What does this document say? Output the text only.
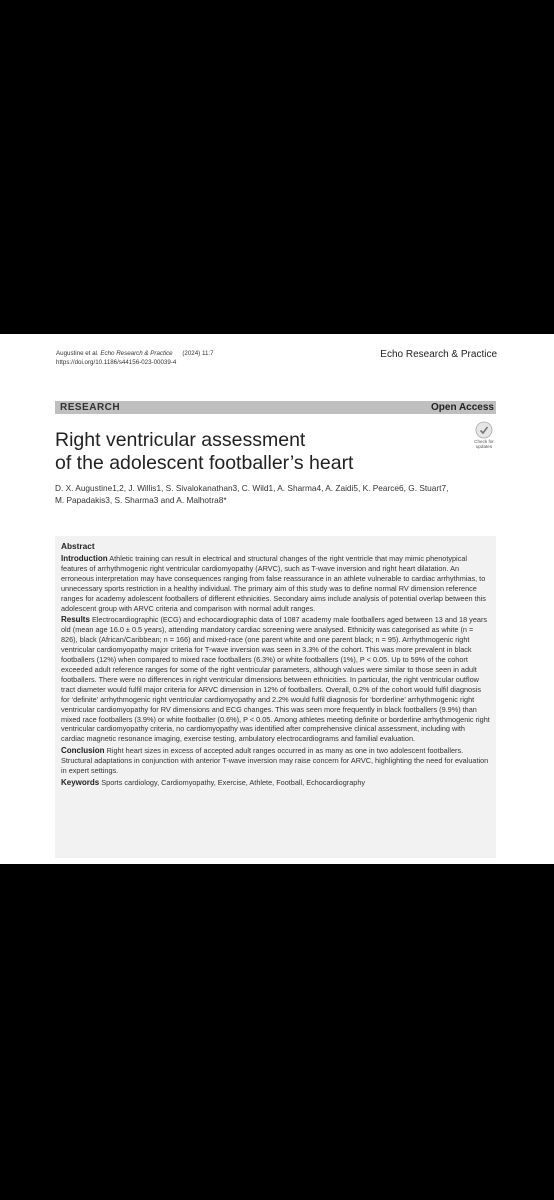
Augustine et al. Echo Research & Practice (2024) 11:7
https://doi.org/10.1186/s44156-023-00039-4
Echo Research & Practice
RESEARCH	Open Access
Right ventricular assessment
of the adolescent footballer’s heart
Check for
updates
D. X. Augustine1,2, J. Willis1, S. Sivalokanathan3, C. Wild1, A. Sharma4, A. Zaidi5, K. Pearce6, G. Stuart7,
M. Papadakis3, S. Sharma3 and A. Malhotra8*
Abstract

Introduction Athletic training can result in electrical and structural changes of the right ventricle that may mimic phenotypical features of arrhythmogenic right ventricular cardiomyopathy (ARVC), such as T-wave inversion and right heart dilatation. An erroneous interpretation may have consequences ranging from false reassurance in an athlete vulnerable to cardiac arrhythmias, to unnecessary sports restriction in a healthy individual. The primary aim of this study was to define normal RV dimension reference ranges for academy adolescent footballers of different ethnicities. Secondary aims include analysis of potential overlap between this adolescent group with ARVC criteria and comparison with normal adult ranges.

Results Electrocardiographic (ECG) and echocardiographic data of 1087 academy male footballers aged between 13 and 18 years old (mean age 16.0 ± 0.5 years), attending mandatory cardiac screening were analysed. Ethnicity was categorised as white (n = 826), black (African/Caribbean; n = 166) and mixed-race (one parent white and one parent black; n = 95). Arrhythmogenic right ventricular cardiomyopathy major criteria for T-wave inversion was seen in 3.3% of the cohort. This was more prevalent in black footballers (12%) when compared to mixed race footballers (6.3%) or white footballers (1%), P < 0.05. Up to 59% of the cohort exceeded adult reference ranges for some of the right ventricular parameters, although values were similar to those seen in adult footballers. There were no differences in right ventricular dimensions between ethnicities. In particular, the right ventricular outflow tract diameter would fulfil major criteria for ARVC dimension in 12% of footballers. Overall, 0.2% of the cohort would fulfil diagnosis for ‘definite’ arrhythmogenic right ventricular cardiomyopathy and 2.2% would fulfil diagnosis for ‘borderline’ arrhythmogenic right ventricular cardiomyopathy for RV dimensions and ECG changes. This was seen more frequently in black footballers (9.9%) than mixed race footballers (3.9%) or white footballer (0.6%), P < 0.05. Among athletes meeting definite or borderline arrhythmogenic right ventricular cardiomyopathy criteria, no cardiomyopathy was identified after comprehensive clinical assessment, including with cardiac magnetic resonance imaging, exercise testing, ambulatory electrocardiograms and familial evaluation.

Conclusion Right heart sizes in excess of accepted adult ranges occurred in as many as one in two adolescent footballers. Structural adaptations in conjunction with anterior T-wave inversion may raise concern for ARVC, highlighting the need for evaluation in expert settings.

Keywords Sports cardiology, Cardiomyopathy, Exercise, Athlete, Football, Echocardiography
